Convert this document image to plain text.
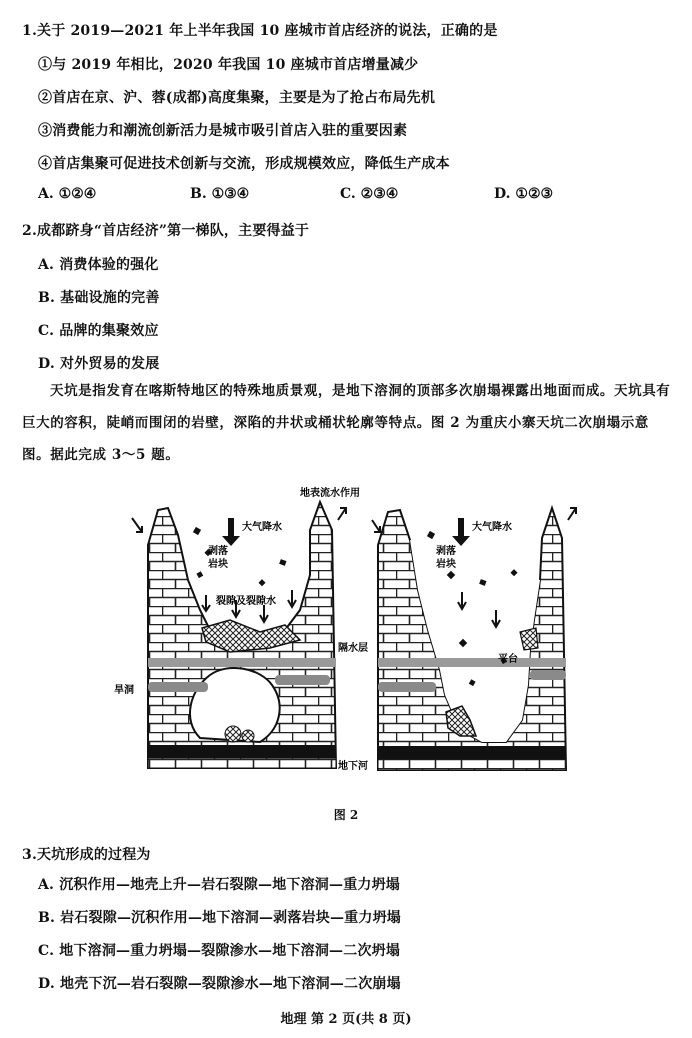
1.关于 2019—2021 年上半年我国 10 座城市首店经济的说法，正确的是
①与 2019 年相比，2020 年我国 10 座城市首店增量减少
②首店在京、沪、蓉(成都)高度集聚，主要是为了抢占布局先机
③消费能力和潮流创新活力是城市吸引首店入驻的重要因素
④首店集聚可促进技术创新与交流，形成规模效应，降低生产成本
A. ①②④	B. ①③④	C. ②③④	D. ①②③
2.成都跻身“首店经济”第一梯队，主要得益于
A. 消费体验的强化
B. 基础设施的完善
C. 品牌的集聚效应
D. 对外贸易的发展
天坑是指发育在喀斯特地区的特殊地质景观，是地下溶洞的顶部多次崩塌裸露出地面而成。天坑具有巨大的容积，陡峭而围闭的岩壁，深陷的井状或桶状轮廓等特点。图 2 为重庆小寨天坑二次崩塌示意图。据此完成 3～5 题。
地表流水作用
大气降水
剥落
岩块
裂隙及裂隙水
隔水层
旱洞
地下河
大气降水
剥落
岩块
平台
图 2
3.天坑形成的过程为
A. 沉积作用—地壳上升—岩石裂隙—地下溶洞—重力坍塌
B. 岩石裂隙—沉积作用—地下溶洞—剥落岩块—重力坍塌
C. 地下溶洞—重力坍塌—裂隙渗水—地下溶洞—二次坍塌
D. 地壳下沉—岩石裂隙—裂隙渗水—地下溶洞—二次崩塌
地理 第 2 页(共 8 页)
